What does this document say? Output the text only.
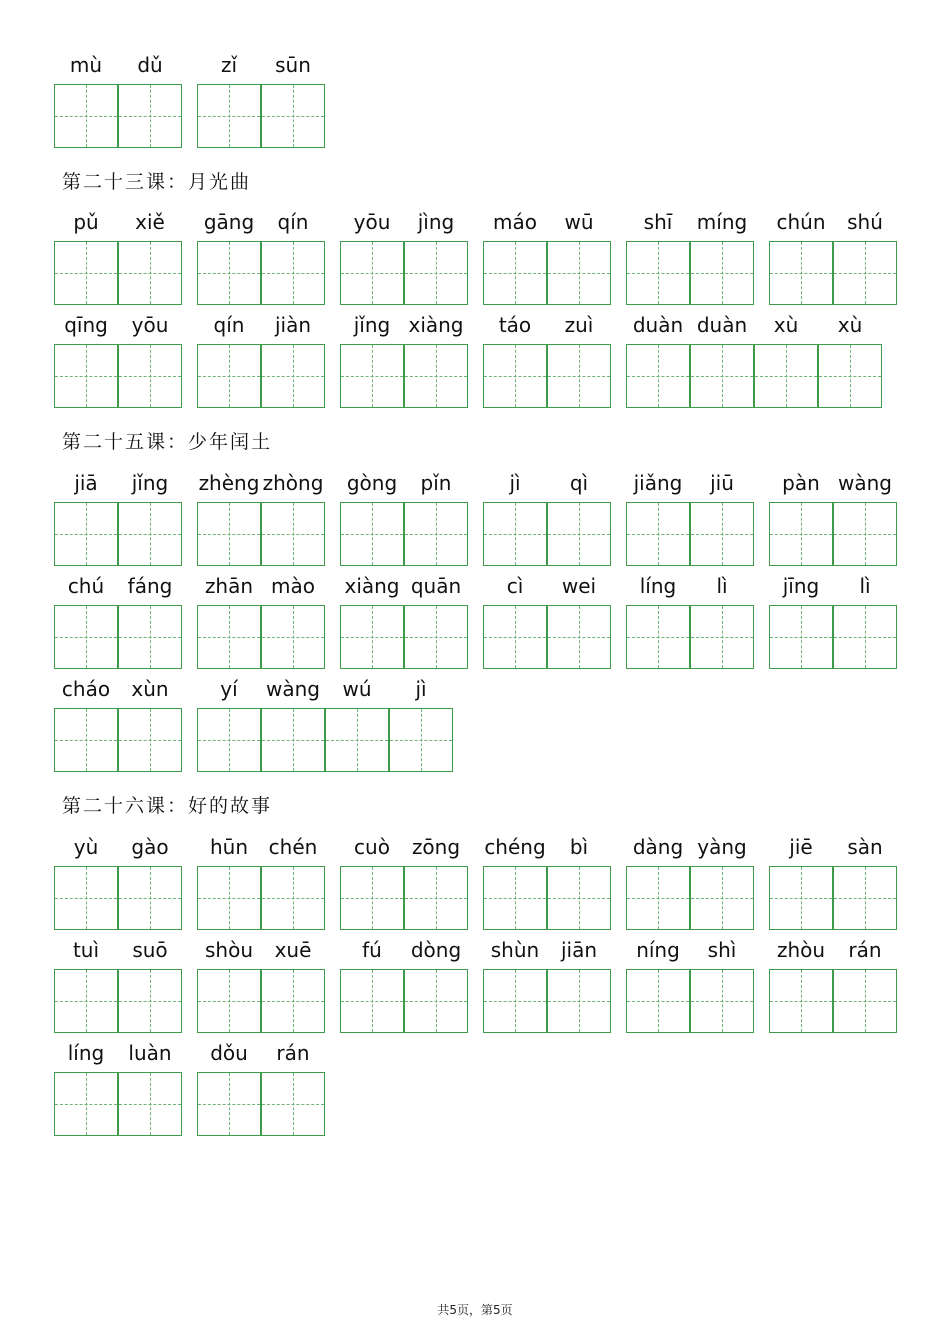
mù	dǔ	zǐ	sūn
第二十三课：月光曲
pǔ	xiě	gāng	qín	yōu	jìng	máo	wū	shī	míng	chún	shú
qīng	yōu	qín	jiàn	jǐng xiàng	táo	zuì	duàn duàn	xù	xù
第二十五课：少年闰土
jiā	jǐng	zhèng zhòng	gòng	pǐn	jì	qì	jiǎng	jiū	pàn wàng
chú	fáng	zhān mào	xiàng quān	cì	wei	líng	lì	jīng	lì
cháo	xùn	yí	wàng	wú	jì
第二十六课：好的故事
yù	gào	hūn	chén	cuò	zōng	chéng	bì	dàng yàng	jiē	sàn
tuì	suō	shòu	xuē	fú	dòng	shùn	jiān	níng	shì	zhòu	rán
líng	luàn	dǒu	rán
共5页，第5页
